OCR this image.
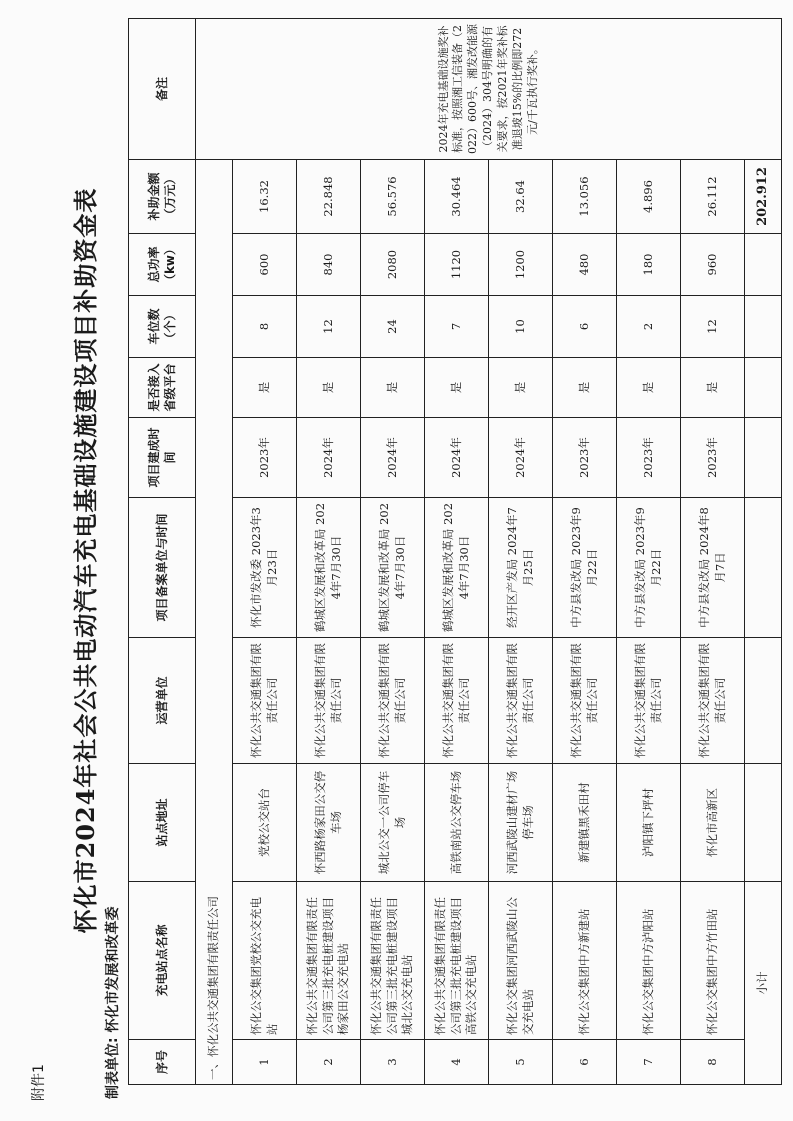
附件1
怀化市2024年社会公共电动汽车充电基础设施建设项目补助资金表
制表单位: 怀化市发展和改革委	序号	充电站点名称	站点地址	运营单位	项目备案单位与时间	项目建成时间	是否接入省级平台	车位数（个）	总功率（kw）	补助金额（万元）	备注
一、怀化公共交通集团有限责任公司										2024年充电基础设施奖补标准，按照湘工信装备（2022）600号、湘发改能源（2024）304号明确的有关要求，按2021年奖补标准退坡15%的比例即272元/千瓦执行奖补。
1	怀化公交集团党校公交充电站	党校公交站台	怀化公共交通集团有限责任公司	怀化市发改委 2023年3月23日	2023年	是	8	600	16.32	
2	怀化公共交通集团有限责任公司第三批充电桩建设项目杨家田公交充电站	怀西路杨家田公交停车场	怀化公共交通集团有限责任公司	鹤城区发展和改革局 2024年7月30日	2024年	是	12	840	22.848	
3	怀化公共交通集团有限责任公司第三批充电桩建设项目城北公交充电站	城北公交一公司停车场	怀化公共交通集团有限责任公司	鹤城区发展和改革局 2024年7月30日	2024年	是	24	2080	56.576	
4	怀化公共交通集团有限责任公司第三批充电桩建设项目高铁公交充电站	高铁南站公交停车场	怀化公共交通集团有限责任公司	鹤城区发展和改革局 2024年7月30日	2024年	是	7	1120	30.464	
5	怀化公交集团河西武陵山公交充电站	河西武陵山建材广场停车场	怀化公共交通集团有限责任公司	经开区产发局 2024年7月25日	2024年	是	10	1200	32.64	
6	怀化公交集团中方新建站	新建镇黑禾田村	怀化公共交通集团有限责任公司	中方县发改局 2023年9月22日	2023年	是	6	480	13.056	
7	怀化公交集团中方泸阳站	泸阳镇下坪村	怀化公共交通集团有限责任公司	中方县发改局 2023年9月22日	2023年	是	2	180	4.896	
8	怀化公交集团中方竹田站	怀化市高新区	怀化公共交通集团有限责任公司	中方县发改局 2024年8月7日	2023年	是	12	960	26.112	
小计									202.912	
